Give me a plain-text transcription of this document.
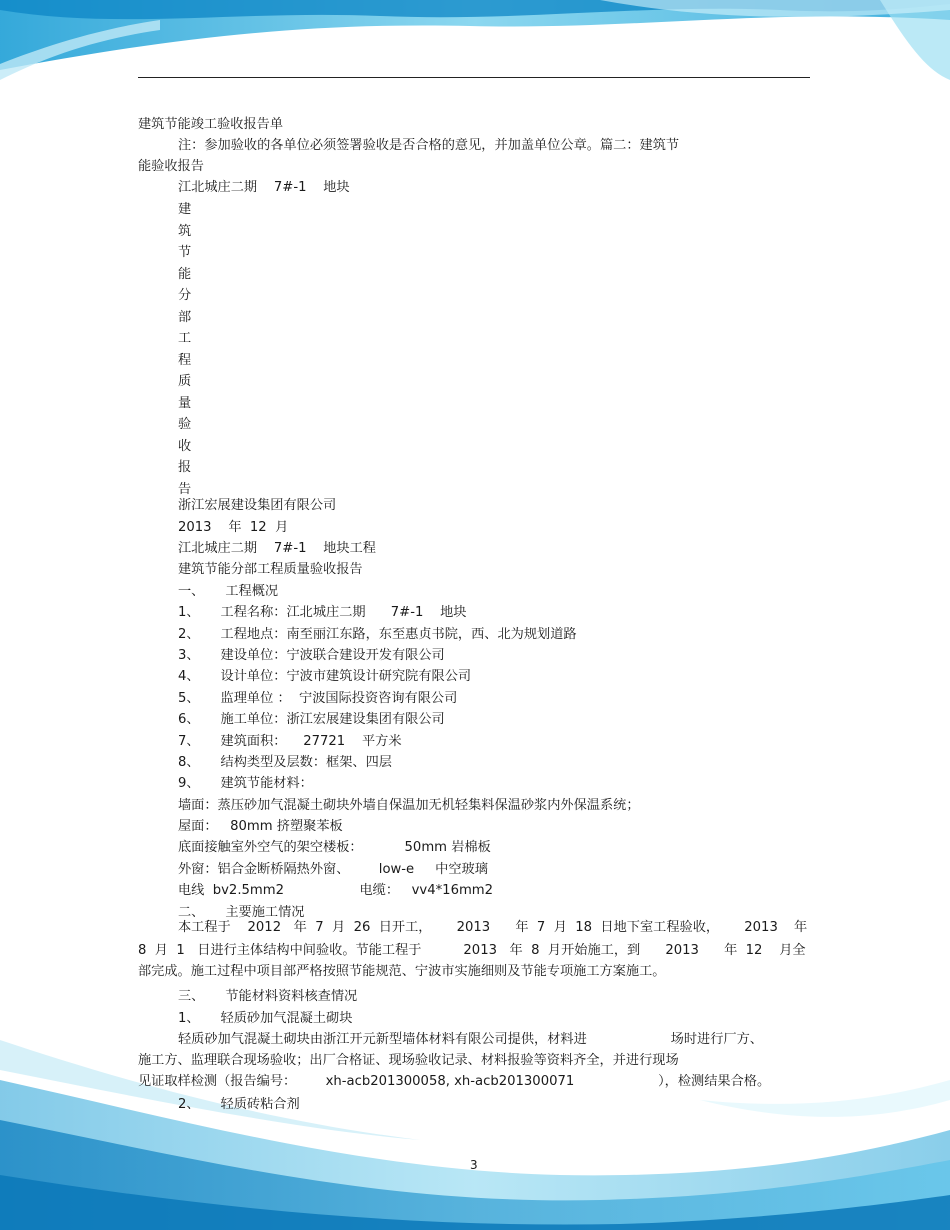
建筑节能竣工验收报告单
注：参加验收的各单位必须签署验收是否合格的意见，并加盖单位公章。篇二：建筑节
能验收报告
江北城庄二期    7#-1    地块
建
筑
节
能
分
部
工
程
质
量
验
收
报
告
浙江宏展建设集团有限公司
2013    年  12  月
江北城庄二期    7#-1    地块工程
建筑节能分部工程质量验收报告
一、     工程概况
1、     工程名称：江北城庄二期      7#-1    地块
2、     工程地点：南至丽江东路，东至惠贞书院，西、北为规划道路
3、     建设单位：宁波联合建设开发有限公司
4、     设计单位：宁波市建筑设计研究院有限公司
5、     监理单位 ：  宁波国际投资咨询有限公司
6、     施工单位：浙江宏展建设集团有限公司
7、     建筑面积：    27721    平方米
8、     结构类型及层数：框架、四层
9、     建筑节能材料：
墙面：蒸压砂加气混凝土砌块外墙自保温加无机轻集料保温砂浆内外保温系统；
屋面：   80mm 挤塑聚苯板
底面接触室外空气的架空楼板：          50mm 岩棉板
外窗：铝合金断桥隔热外窗、       low-e     中空玻璃
电线  bv2.5mm2                  电缆：   vv4*16mm2
二、     主要施工情况
本工程于    2012   年  7  月  26  日开工，      2013      年  7  月  18  日地下室工程验收，      2013
8  月  1   日进行主体结构中间验收。节能工程于          2013   年  8  月开始施工，到      2013      年  12    月全
部完成。施工过程中项目部严格按照节能规范、宁波市实施细则及节能专项施工方案施工。
三、     节能材料资料核查情况
1、     轻质砂加气混凝土砌块
轻质砂加气混凝土砌块由浙江开元新型墙体材料有限公司提供，材料进                    场时进行厂方、
施工方、监理联合现场验收；出厂合格证、现场验收记录、材料报验等资料齐全，并进行现场
见证取样检测（报告编号：       xh-acb201300058, xh-acb201300071                    ），检测结果合格。
2、     轻质砖粘合剂
年
3
